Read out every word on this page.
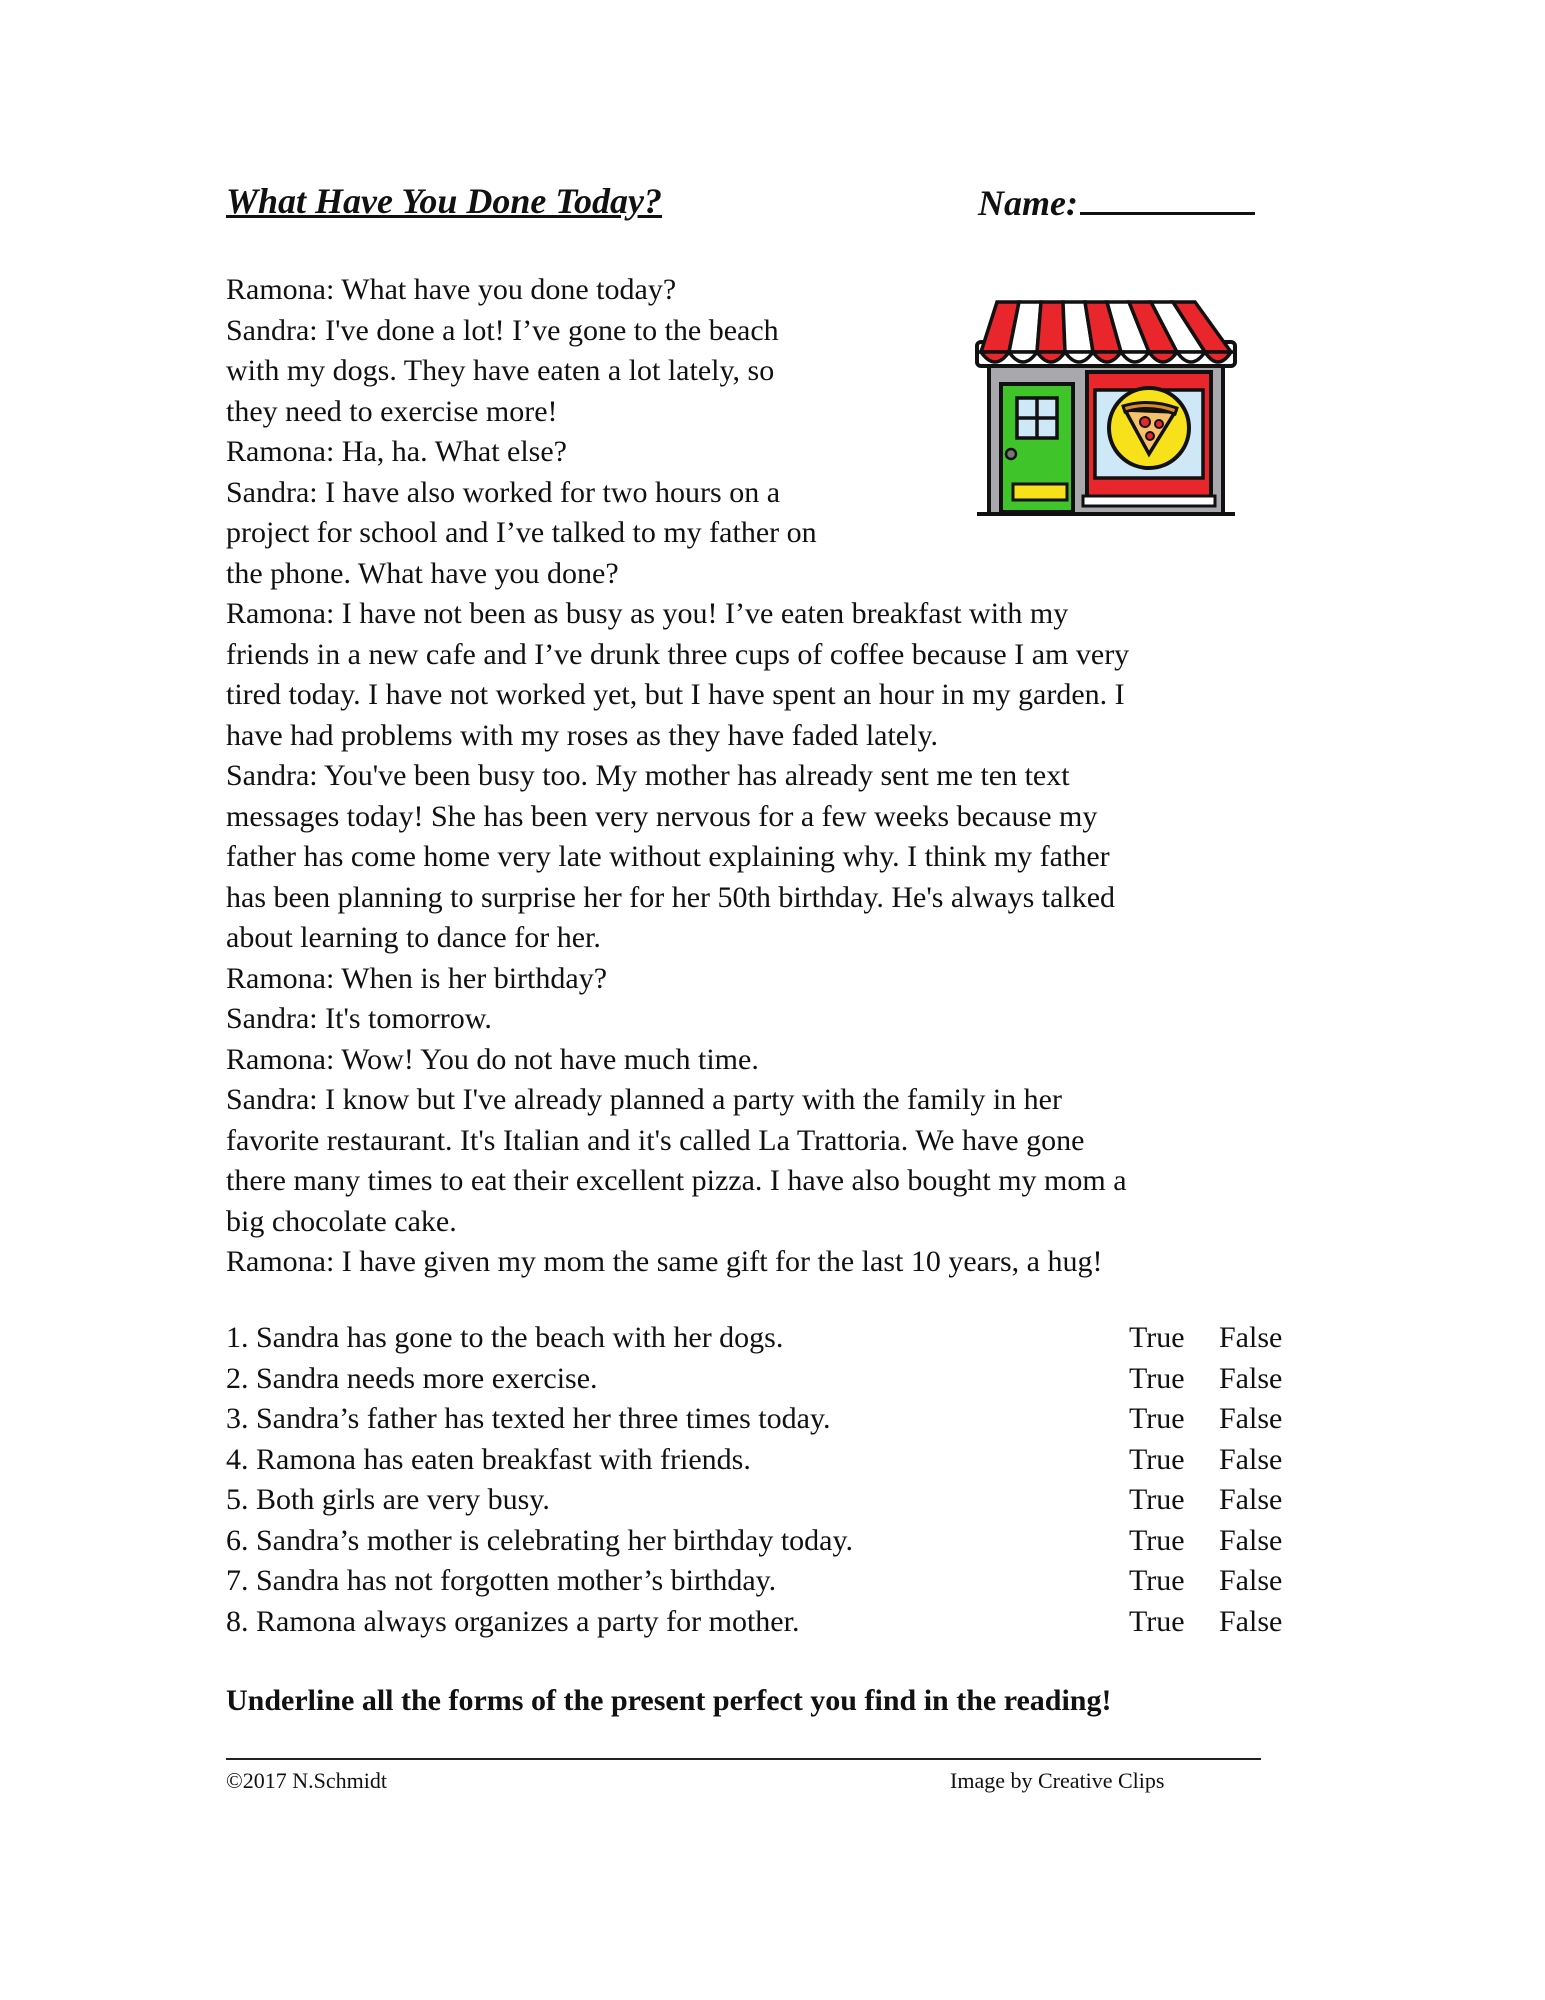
What Have You Done Today?	Name:

Ramona: What have you done today?

Sandra: I've done a lot! I’ve gone to the beach

with my dogs. They have eaten a lot lately, so

they need to exercise more!

Ramona: Ha, ha. What else?

Sandra: I have also worked for two hours on a

project for school and I’ve talked to my father on

the phone. What have you done?

Ramona: I have not been as busy as you! I’ve eaten breakfast with my

friends in a new cafe and I’ve drunk three cups of coffee because I am very

tired today. I have not worked yet, but I have spent an hour in my garden. I

have had problems with my roses as they have faded lately.

Sandra: You've been busy too. My mother has already sent me ten text

messages today! She has been very nervous for a few weeks because my

father has come home very late without explaining why. I think my father

has been planning to surprise her for her 50th birthday. He's always talked

about learning to dance for her.

Ramona: When is her birthday?

Sandra: It's tomorrow.

Ramona: Wow! You do not have much time.

Sandra: I know but I've already planned a party with the family in her

favorite restaurant. It's Italian and it's called La Trattoria. We have gone

there many times to eat their excellent pizza. I have also bought my mom a

big chocolate cake.

Ramona: I have given my mom the same gift for the last 10 years, a hug!

1. Sandra has gone to the beach with her dogs.	True False
2. Sandra needs more exercise.	True False
3. Sandra’s father has texted her three times today.	True False
4. Ramona has eaten breakfast with friends.	True False
5. Both girls are very busy.	True False
6. Sandra’s mother is celebrating her birthday today.	True False
7. Sandra has not forgotten mother’s birthday.	True False
8. Ramona always organizes a party for mother.	True False
Underline all the forms of the present perfect you find in the reading!
©2017 N.Schmidt	Image by Creative Clips
